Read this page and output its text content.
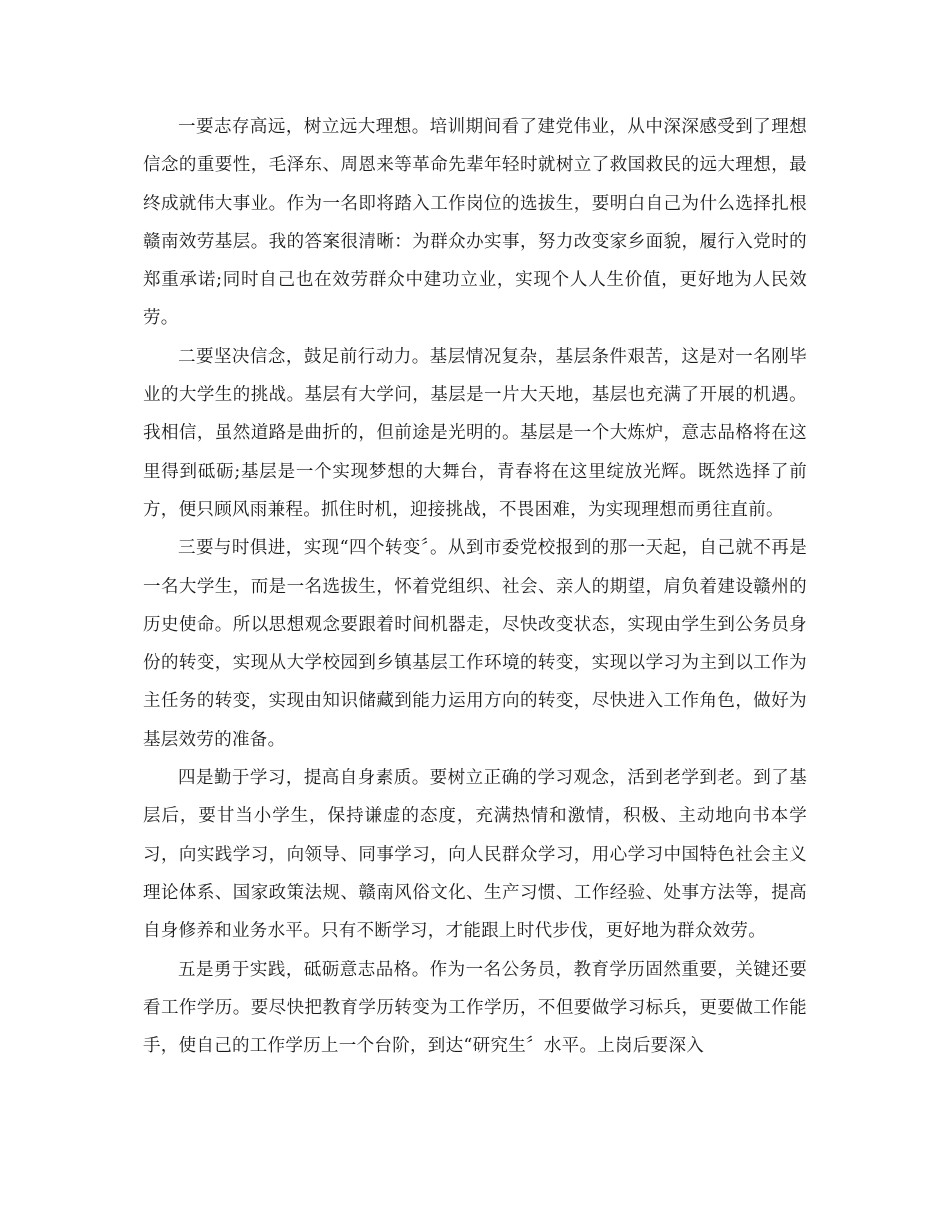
一要志存高远，树立远大理想。培训期间看了建党伟业，从中深深感受到了理想信念的重要性，毛泽东、周恩来等革命先辈年轻时就树立了救国救民的远大理想，最终成就伟大事业。作为一名即将踏入工作岗位的选拔生，要明白自己为什么选择扎根赣南效劳基层。我的答案很清晰：为群众办实事，努力改变家乡面貌，履行入党时的郑重承诺;同时自己也在效劳群众中建功立业，实现个人人生价值，更好地为人民效劳。

二要坚决信念，鼓足前行动力。基层情况复杂，基层条件艰苦，这是对一名刚毕业的大学生的挑战。基层有大学问，基层是一片大天地，基层也充满了开展的机遇。我相信，虽然道路是曲折的，但前途是光明的。基层是一个大炼炉，意志品格将在这里得到砥砺;基层是一个实现梦想的大舞台，青春将在这里绽放光辉。既然选择了前方，便只顾风雨兼程。抓住时机，迎接挑战，不畏困难，为实现理想而勇往直前。

三要与时俱进，实现“四个转变〞。从到市委党校报到的那一天起，自己就不再是一名大学生，而是一名选拔生，怀着党组织、社会、亲人的期望，肩负着建设赣州的历史使命。所以思想观念要跟着时间机器走，尽快改变状态，实现由学生到公务员身份的转变，实现从大学校园到乡镇基层工作环境的转变，实现以学习为主到以工作为主任务的转变，实现由知识储藏到能力运用方向的转变，尽快进入工作角色，做好为基层效劳的准备。

四是勤于学习，提高自身素质。要树立正确的学习观念，活到老学到老。到了基层后，要甘当小学生，保持谦虚的态度，充满热情和激情，积极、主动地向书本学习，向实践学习，向领导、同事学习，向人民群众学习，用心学习中国特色社会主义理论体系、国家政策法规、赣南风俗文化、生产习惯、工作经验、处事方法等，提高自身修养和业务水平。只有不断学习，才能跟上时代步伐，更好地为群众效劳。

五是勇于实践，砥砺意志品格。作为一名公务员，教育学历固然重要，关键还要看工作学历。要尽快把教育学历转变为工作学历，不但要做学习标兵，更要做工作能手，使自己的工作学历上一个台阶，到达“研究生〞水平。上岗后要深入
